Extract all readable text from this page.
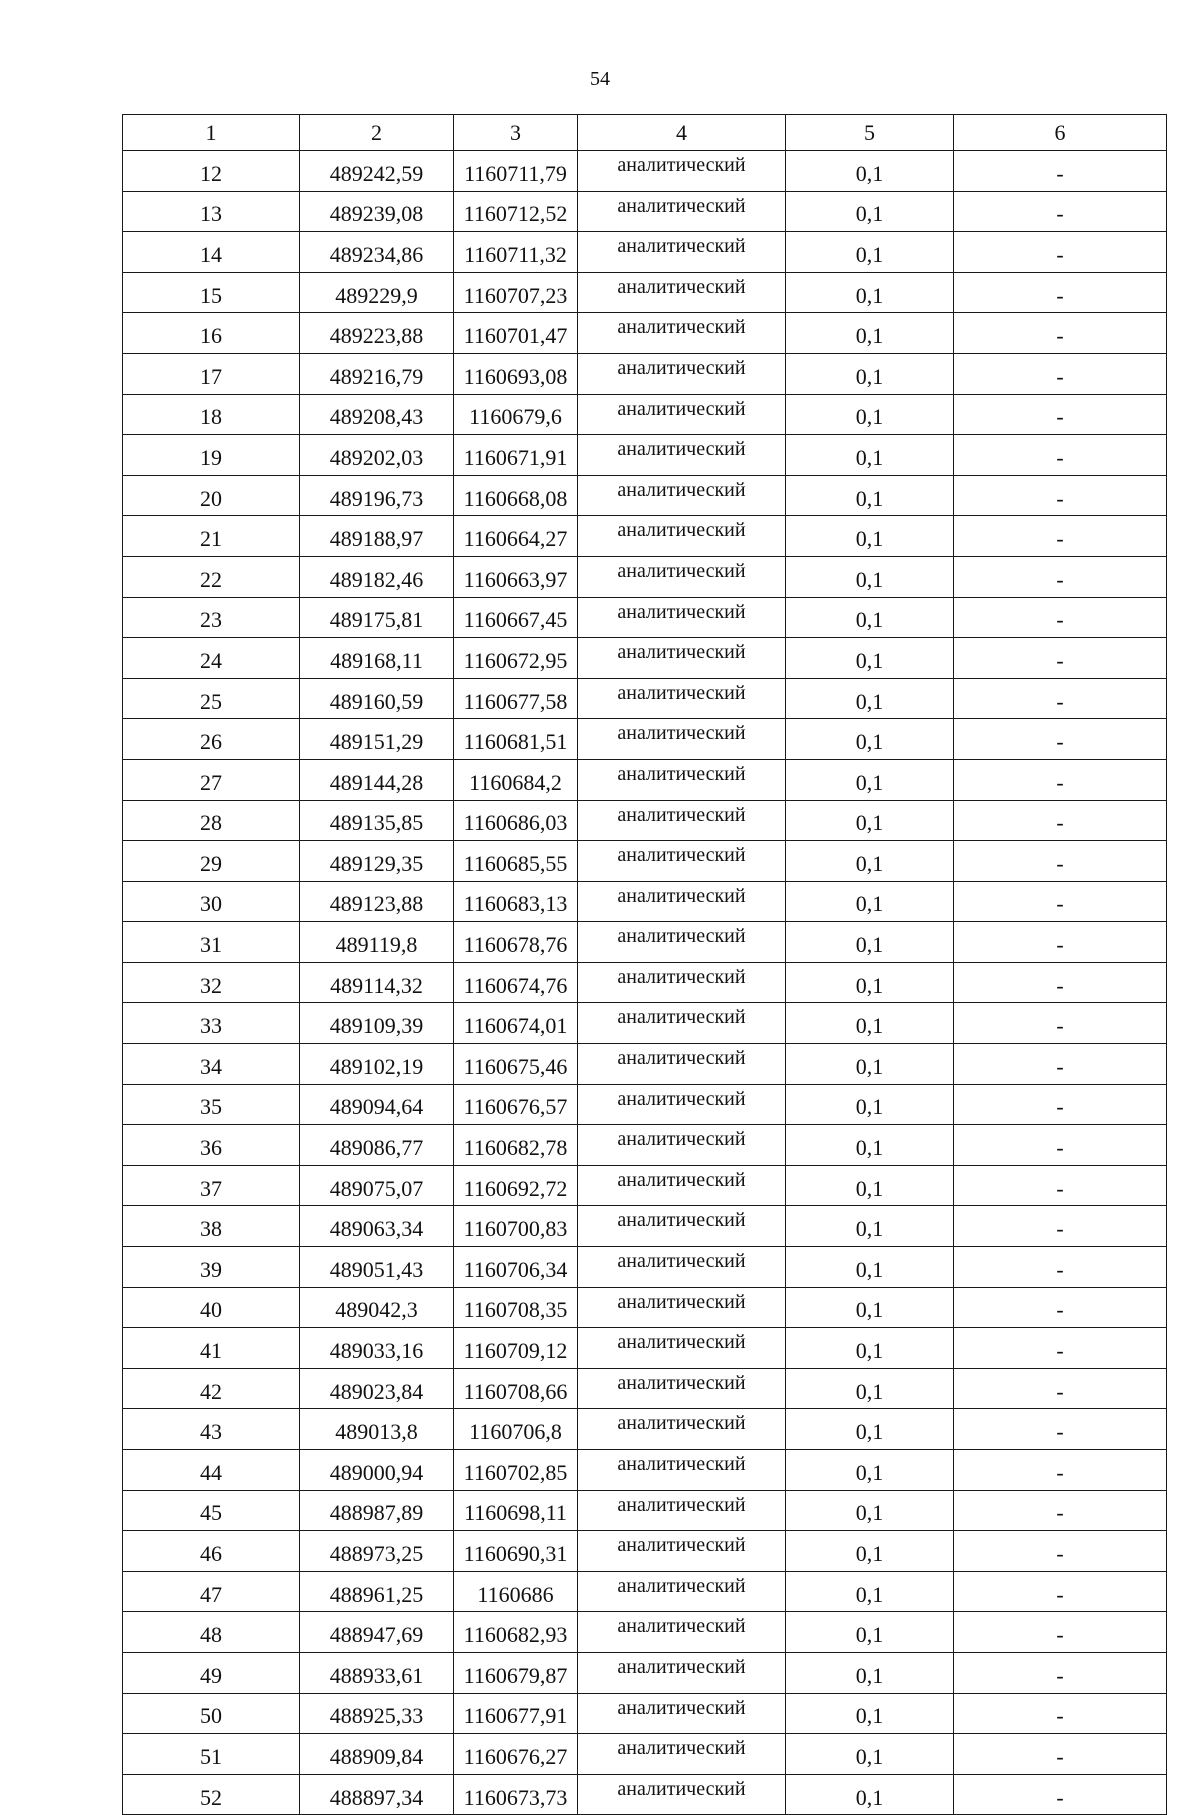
54
1	2	3	4	5	6
12	489242,59	1160711,79	аналитический	0,1	-
13	489239,08	1160712,52	аналитический	0,1	-
14	489234,86	1160711,32	аналитический	0,1	-
15	489229,9	1160707,23	аналитический	0,1	-
16	489223,88	1160701,47	аналитический	0,1	-
17	489216,79	1160693,08	аналитический	0,1	-
18	489208,43	1160679,6	аналитический	0,1	-
19	489202,03	1160671,91	аналитический	0,1	-
20	489196,73	1160668,08	аналитический	0,1	-
21	489188,97	1160664,27	аналитический	0,1	-
22	489182,46	1160663,97	аналитический	0,1	-
23	489175,81	1160667,45	аналитический	0,1	-
24	489168,11	1160672,95	аналитический	0,1	-
25	489160,59	1160677,58	аналитический	0,1	-
26	489151,29	1160681,51	аналитический	0,1	-
27	489144,28	1160684,2	аналитический	0,1	-
28	489135,85	1160686,03	аналитический	0,1	-
29	489129,35	1160685,55	аналитический	0,1	-
30	489123,88	1160683,13	аналитический	0,1	-
31	489119,8	1160678,76	аналитический	0,1	-
32	489114,32	1160674,76	аналитический	0,1	-
33	489109,39	1160674,01	аналитический	0,1	-
34	489102,19	1160675,46	аналитический	0,1	-
35	489094,64	1160676,57	аналитический	0,1	-
36	489086,77	1160682,78	аналитический	0,1	-
37	489075,07	1160692,72	аналитический	0,1	-
38	489063,34	1160700,83	аналитический	0,1	-
39	489051,43	1160706,34	аналитический	0,1	-
40	489042,3	1160708,35	аналитический	0,1	-
41	489033,16	1160709,12	аналитический	0,1	-
42	489023,84	1160708,66	аналитический	0,1	-
43	489013,8	1160706,8	аналитический	0,1	-
44	489000,94	1160702,85	аналитический	0,1	-
45	488987,89	1160698,11	аналитический	0,1	-
46	488973,25	1160690,31	аналитический	0,1	-
47	488961,25	1160686	аналитический	0,1	-
48	488947,69	1160682,93	аналитический	0,1	-
49	488933,61	1160679,87	аналитический	0,1	-
50	488925,33	1160677,91	аналитический	0,1	-
51	488909,84	1160676,27	аналитический	0,1	-
52	488897,34	1160673,73	аналитический	0,1	-
